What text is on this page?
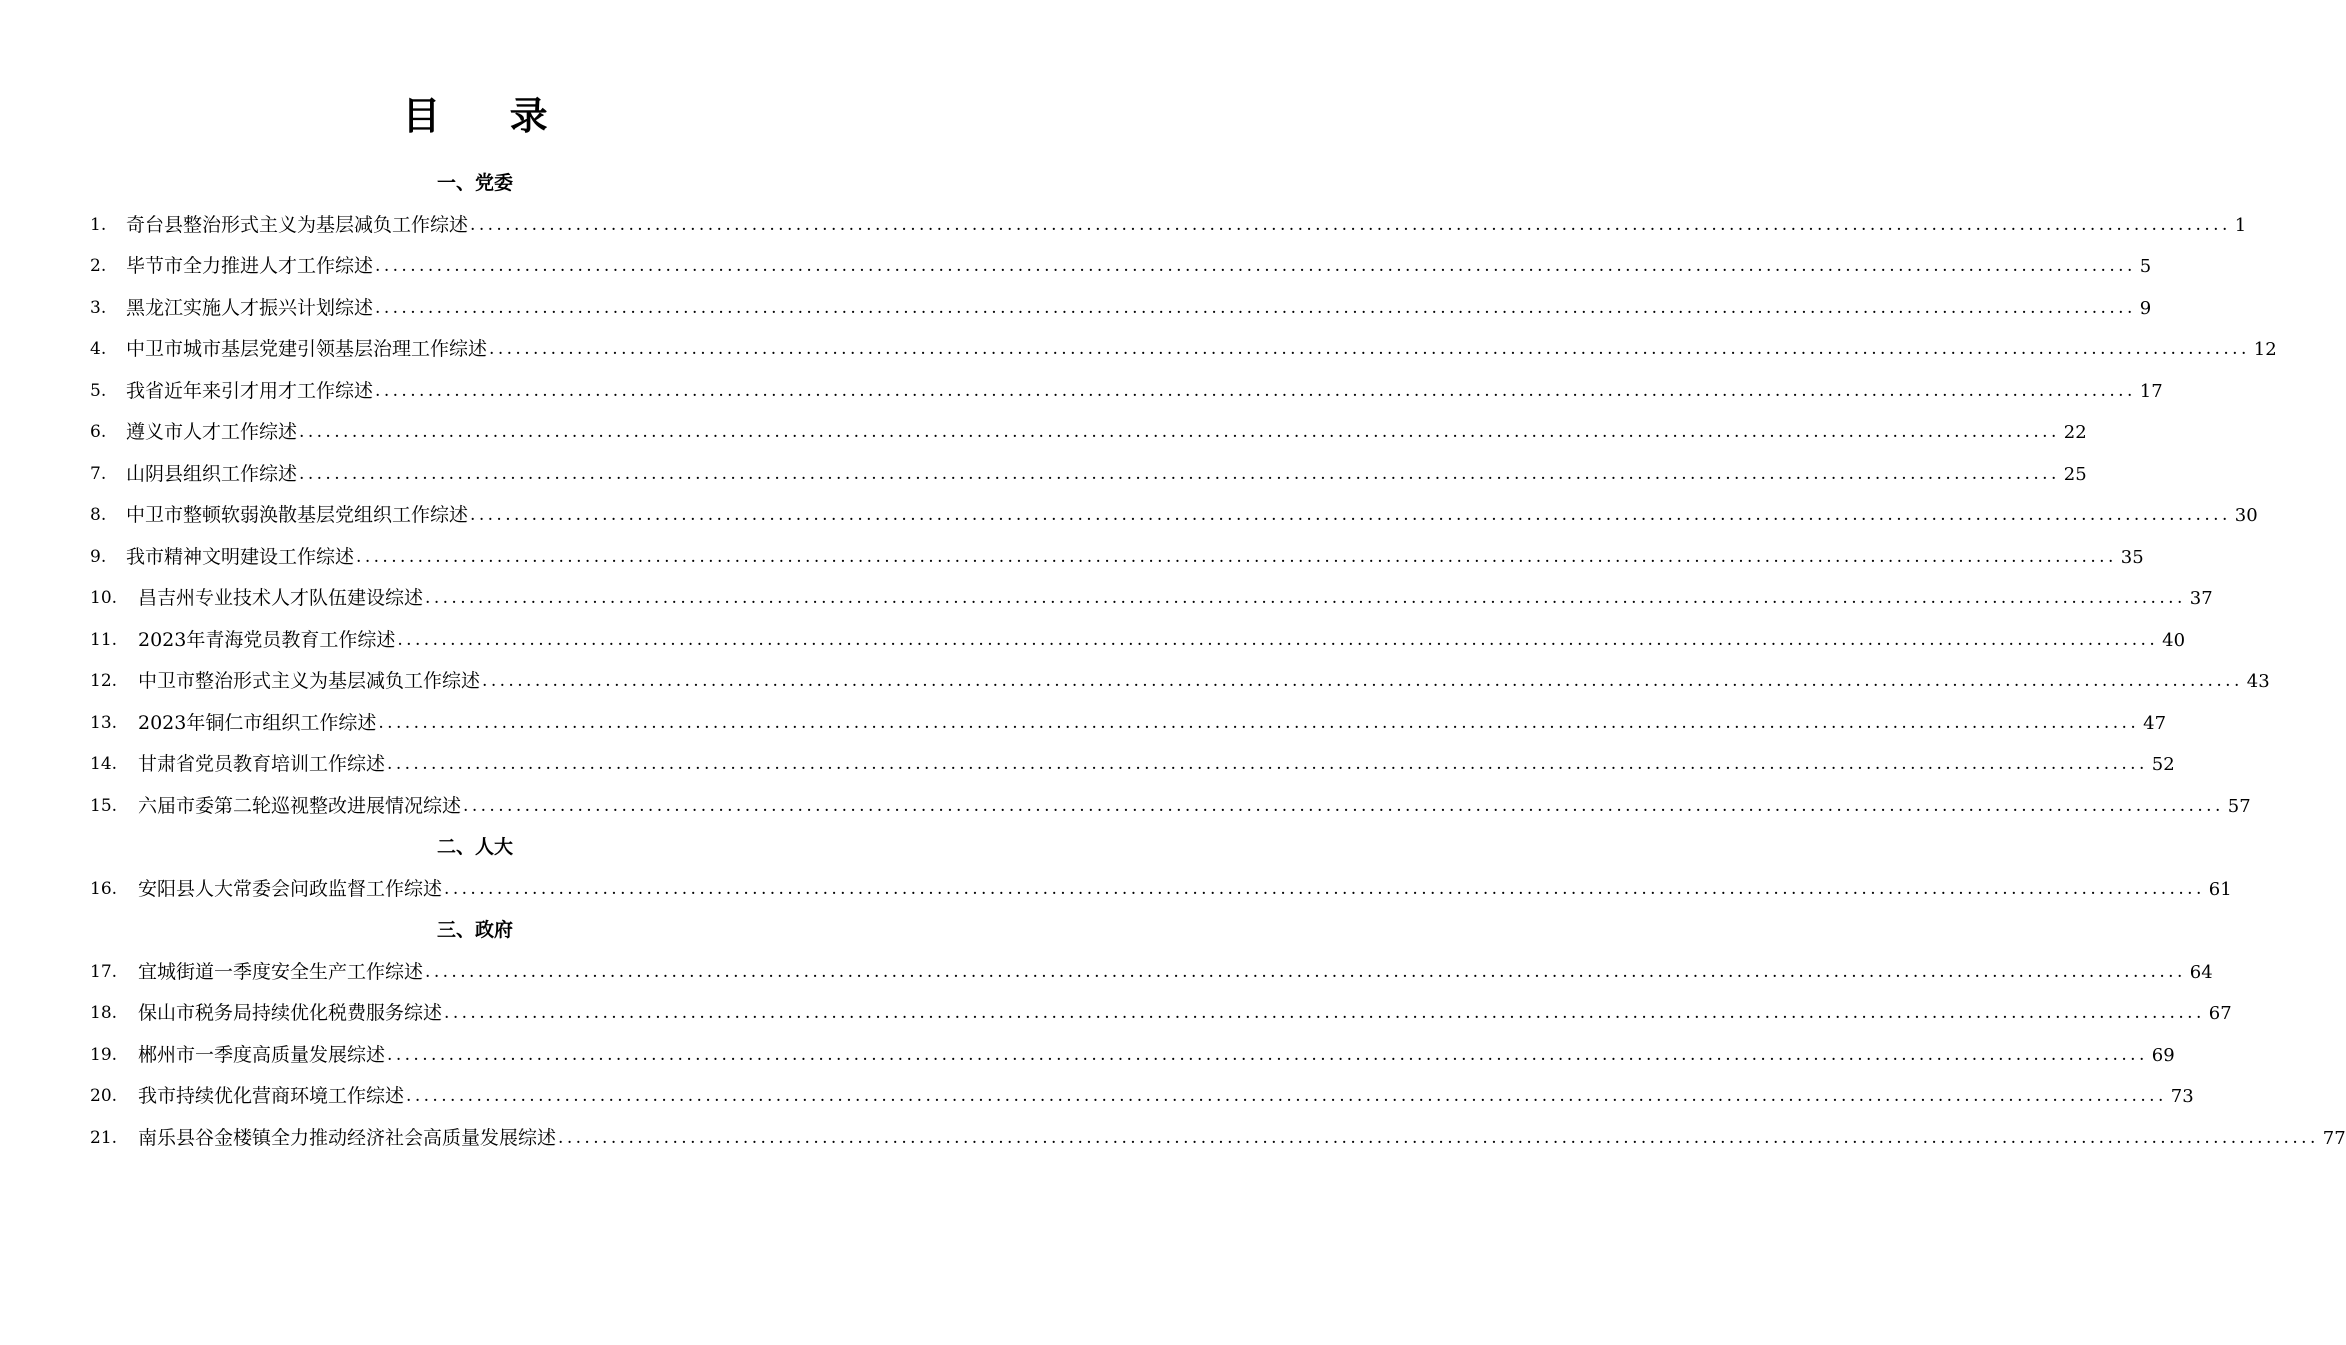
目 录
一、党委
1.	奇台县整治形式主义为基层减负工作综述 ........................................................................................................................................................................................................ 1
2.	毕节市全力推进人才工作综述 ........................................................................................................................................................................................................ 5
3.	黑龙江实施人才振兴计划综述 ........................................................................................................................................................................................................ 9
4.	中卫市城市基层党建引领基层治理工作综述 ........................................................................................................................................................................................................ 12
5.	我省近年来引才用才工作综述 ........................................................................................................................................................................................................ 17
6.	遵义市人才工作综述 ........................................................................................................................................................................................................ 22
7.	山阴县组织工作综述 ........................................................................................................................................................................................................ 25
8.	中卫市整顿软弱涣散基层党组织工作综述 ........................................................................................................................................................................................................ 30
9.	我市精神文明建设工作综述 ........................................................................................................................................................................................................ 35
10.	昌吉州专业技术人才队伍建设综述 ........................................................................................................................................................................................................ 37
11.	2023年青海党员教育工作综述 ........................................................................................................................................................................................................ 40
12.	中卫市整治形式主义为基层减负工作综述 ........................................................................................................................................................................................................ 43
13.	2023年铜仁市组织工作综述 ........................................................................................................................................................................................................ 47
14.	甘肃省党员教育培训工作综述 ........................................................................................................................................................................................................ 52
15.	六届市委第二轮巡视整改进展情况综述 ........................................................................................................................................................................................................ 57
二、人大
16.	安阳县人大常委会问政监督工作综述 ........................................................................................................................................................................................................ 61
三、政府
17.	宜城街道一季度安全生产工作综述 ........................................................................................................................................................................................................ 64
18.	保山市税务局持续优化税费服务综述 ........................................................................................................................................................................................................ 67
19.	郴州市一季度高质量发展综述 ........................................................................................................................................................................................................ 69
20.	我市持续优化营商环境工作综述 ........................................................................................................................................................................................................ 73
21.	南乐县谷金楼镇全力推动经济社会高质量发展综述 ........................................................................................................................................................................................................ 77
